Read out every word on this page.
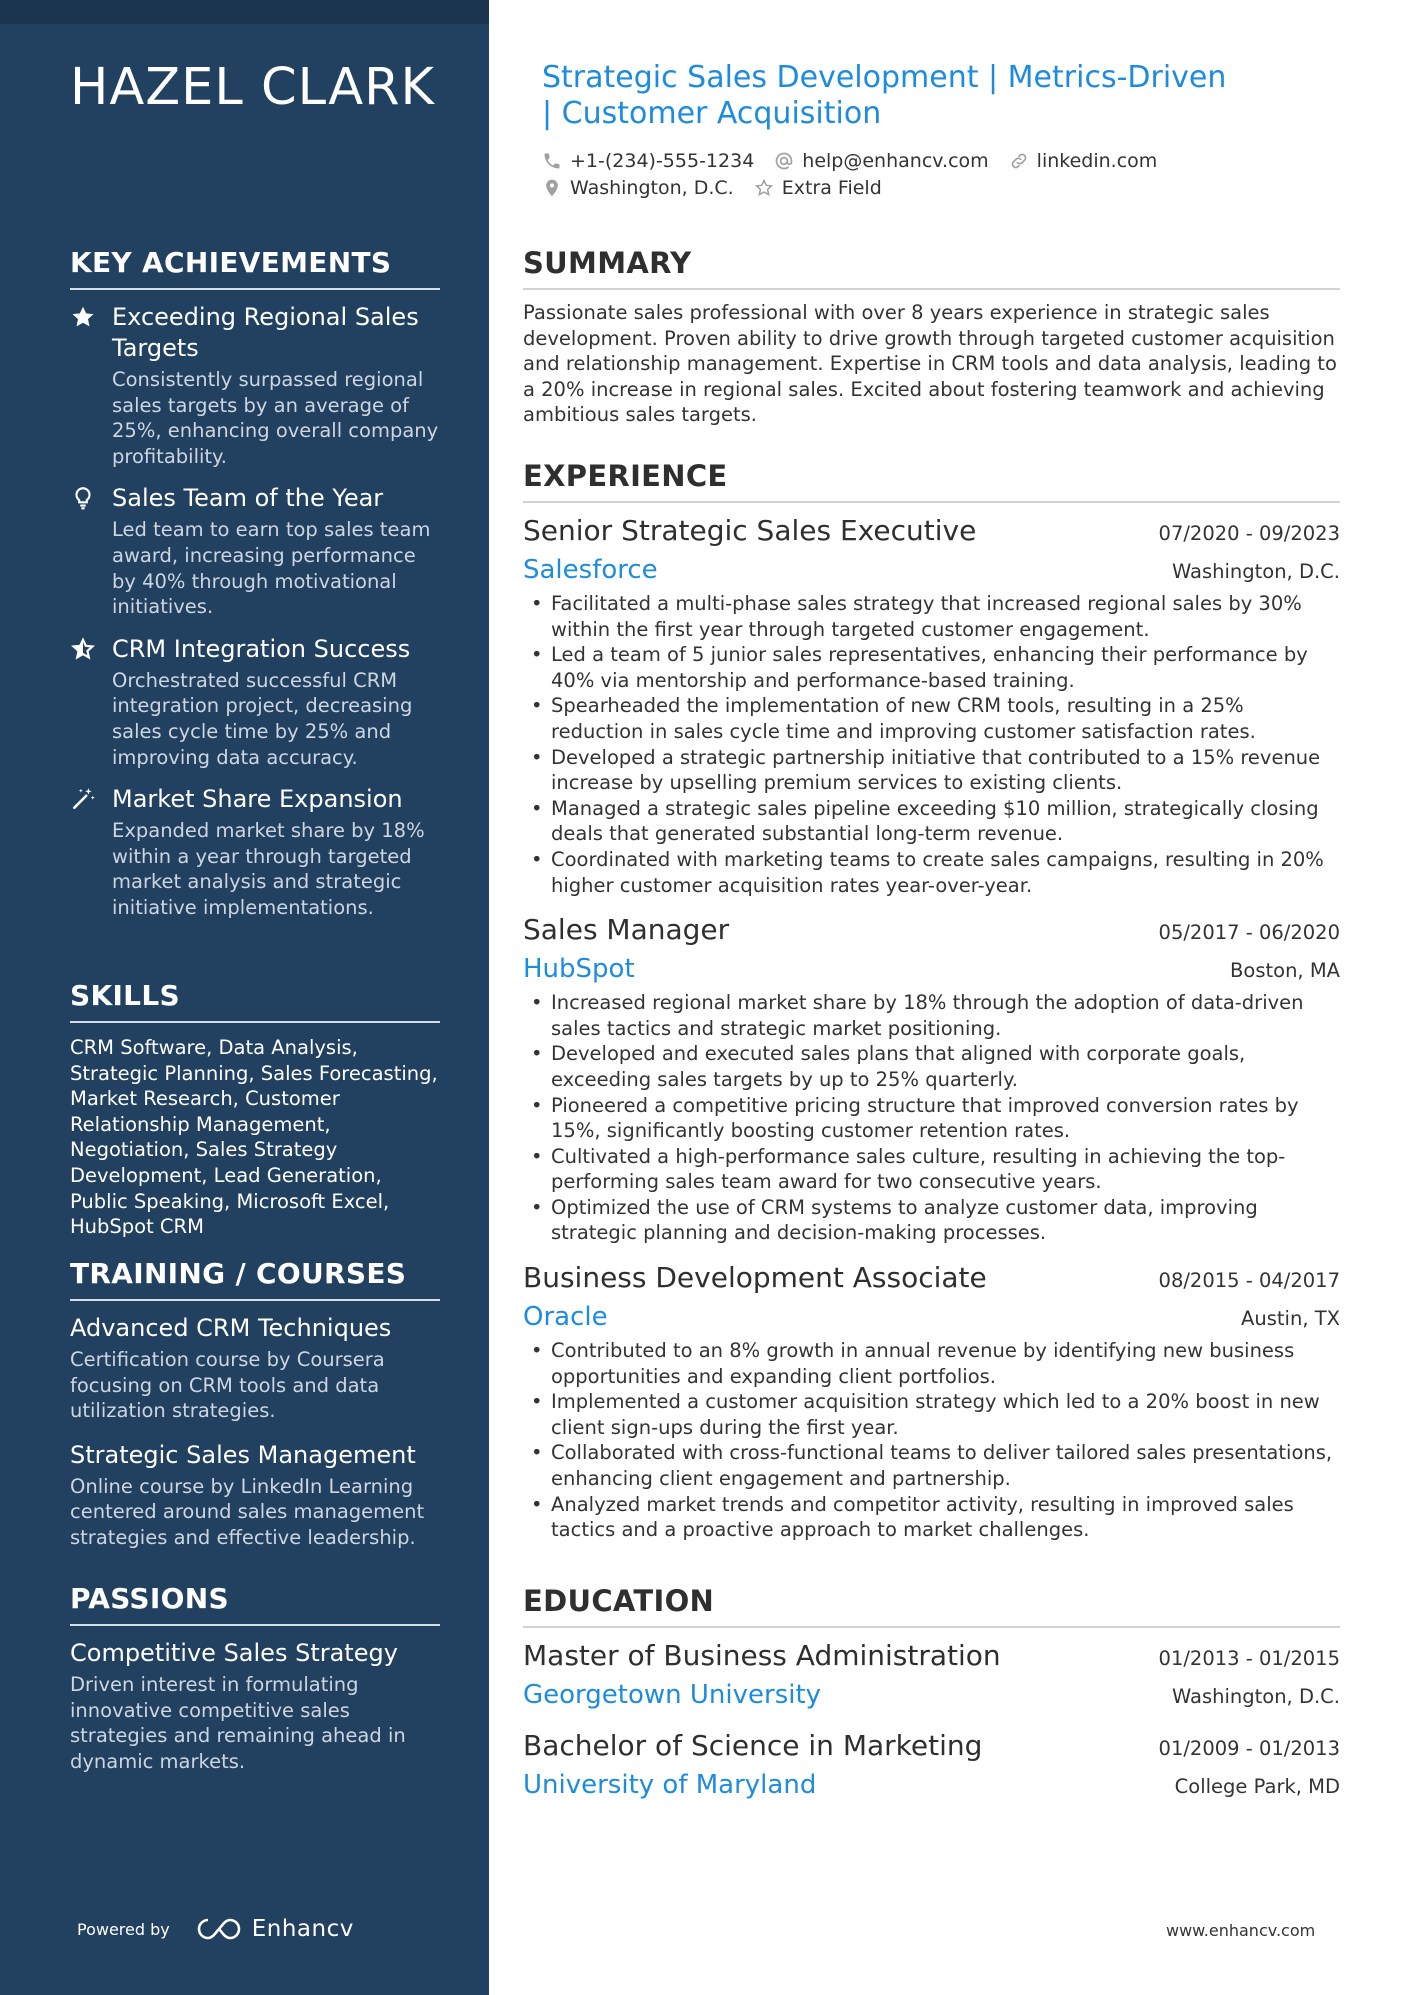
HAZEL CLARK
KEY ACHIEVEMENTS
Exceeding Regional Sales Targets
Consistently surpassed regional sales targets by an average of 25%, enhancing overall company profitability.
Sales Team of the Year
Led team to earn top sales team award, increasing performance by 40% through motivational initiatives.
CRM Integration Success
Orchestrated successful CRM integration project, decreasing sales cycle time by 25% and improving data accuracy.
Market Share Expansion
Expanded market share by 18% within a year through targeted market analysis and strategic initiative implementations.
SKILLS
CRM Software, Data Analysis, Strategic Planning, Sales Forecasting, Market Research, Customer Relationship Management, Negotiation, Sales Strategy Development, Lead Generation, Public Speaking, Microsoft Excel, HubSpot CRM
TRAINING / COURSES
Advanced CRM Techniques
Certification course by Coursera focusing on CRM tools and data utilization strategies.
Strategic Sales Management
Online course by LinkedIn Learning centered around sales management strategies and effective leadership.
PASSIONS
Competitive Sales Strategy
Driven interest in formulating innovative competitive sales strategies and remaining ahead in dynamic markets.
Powered by	Enhancv
Strategic Sales Development | Metrics-Driven | Customer Acquisition
+1-(234)-555-1234	help@enhancv.com	linkedin.com
Washington, D.C.	Extra Field
SUMMARY

Passionate sales professional with over 8 years experience in strategic sales development. Proven ability to drive growth through targeted customer acquisition and relationship management. Expertise in CRM tools and data analysis, leading to a 20% increase in regional sales. Excited about fostering teamwork and achieving ambitious sales targets.

EXPERIENCE
Senior Strategic Sales Executive	07/2020 - 09/2023
Salesforce	Washington, D.C.
• Facilitated a multi-phase sales strategy that increased regional sales by 30% within the first year through targeted customer engagement.
• Led a team of 5 junior sales representatives, enhancing their performance by 40% via mentorship and performance-based training.
• Spearheaded the implementation of new CRM tools, resulting in a 25% reduction in sales cycle time and improving customer satisfaction rates.
• Developed a strategic partnership initiative that contributed to a 15% revenue increase by upselling premium services to existing clients.
• Managed a strategic sales pipeline exceeding $10 million, strategically closing deals that generated substantial long-term revenue.
• Coordinated with marketing teams to create sales campaigns, resulting in 20% higher customer acquisition rates year-over-year.
Sales Manager	05/2017 - 06/2020
HubSpot	Boston, MA
• Increased regional market share by 18% through the adoption of data-driven sales tactics and strategic market positioning.
• Developed and executed sales plans that aligned with corporate goals, exceeding sales targets by up to 25% quarterly.
• Pioneered a competitive pricing structure that improved conversion rates by 15%, significantly boosting customer retention rates.
• Cultivated a high-performance sales culture, resulting in achieving the top-performing sales team award for two consecutive years.
• Optimized the use of CRM systems to analyze customer data, improving strategic planning and decision-making processes.
Business Development Associate	08/2015 - 04/2017
Oracle	Austin, TX
• Contributed to an 8% growth in annual revenue by identifying new business opportunities and expanding client portfolios.
• Implemented a customer acquisition strategy which led to a 20% boost in new client sign-ups during the first year.
• Collaborated with cross-functional teams to deliver tailored sales presentations, enhancing client engagement and partnership.
• Analyzed market trends and competitor activity, resulting in improved sales tactics and a proactive approach to market challenges.
EDUCATION
Master of Business Administration	01/2013 - 01/2015
Georgetown University	Washington, D.C.
Bachelor of Science in Marketing	01/2009 - 01/2013
University of Maryland	College Park, MD
www.enhancv.com
